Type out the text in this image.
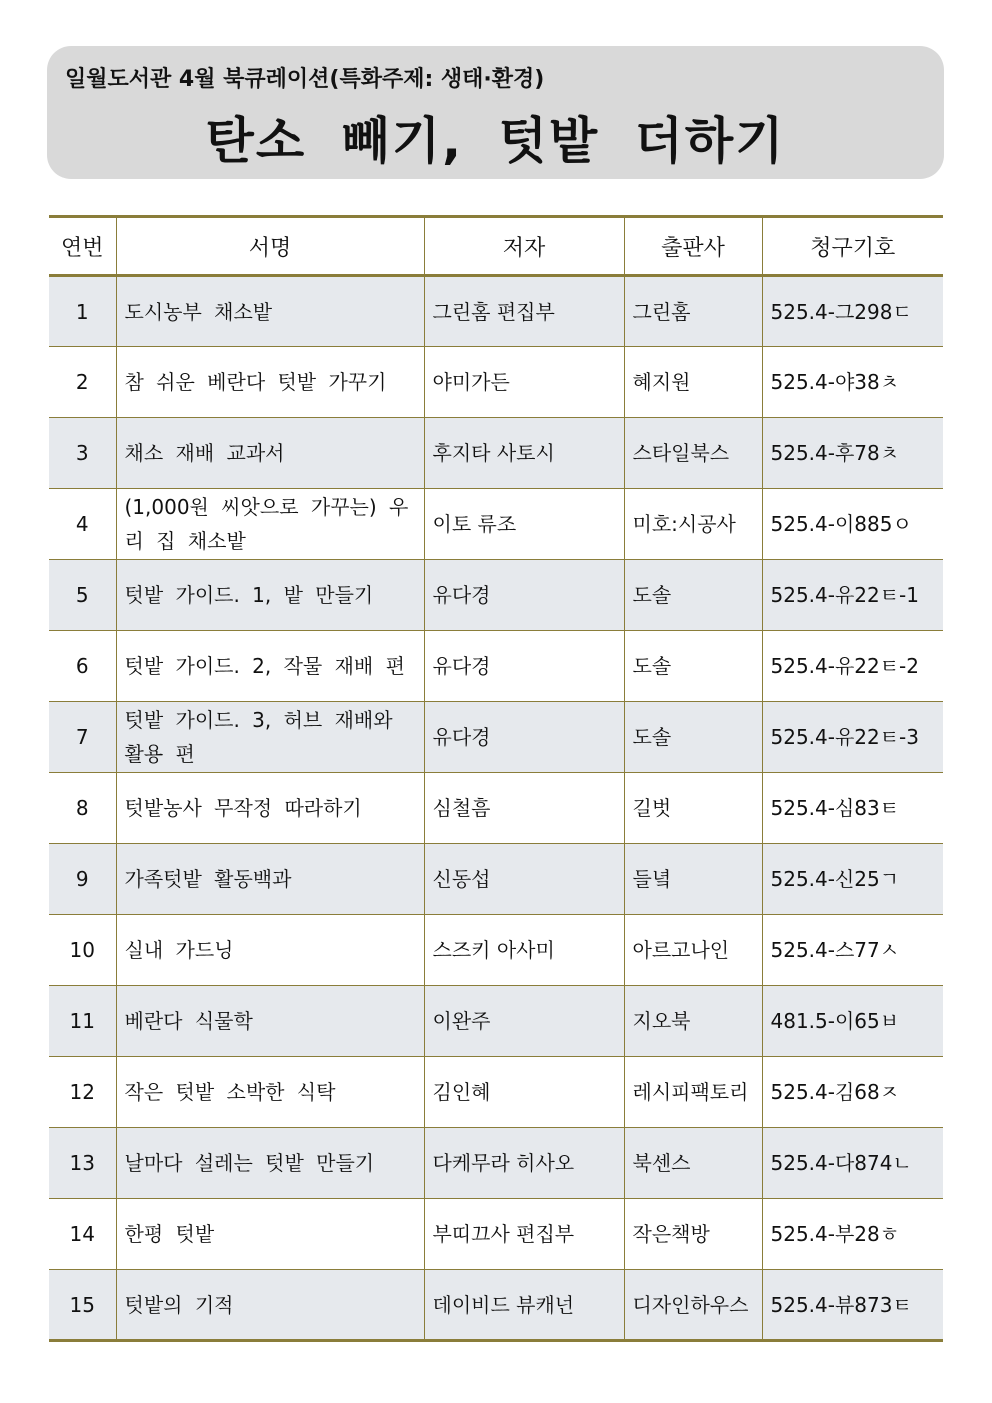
일월도서관 4월 북큐레이션(특화주제: 생태·환경)
탄소 빼기, 텃밭 더하기
연번	서명	저자	출판사	청구기호
1	도시농부 채소밭	그린홈 편집부	그린홈	525.4-그298ㄷ
2	참 쉬운 베란다 텃밭 가꾸기	야미가든	혜지원	525.4-야38ㅊ
3	채소 재배 교과서	후지타 사토시	스타일북스	525.4-후78ㅊ
4	(1,000원 씨앗으로 가꾸는) 우리 집 채소밭	이토 류조	미호:시공사	525.4-이885ㅇ
5	텃밭 가이드. 1, 밭 만들기	유다경	도솔	525.4-유22ㅌ-1
6	텃밭 가이드. 2, 작물 재배 편	유다경	도솔	525.4-유22ㅌ-2
7	텃밭 가이드. 3, 허브 재배와 활용 편	유다경	도솔	525.4-유22ㅌ-3
8	텃밭농사 무작정 따라하기	심철흠	길벗	525.4-심83ㅌ
9	가족텃밭 활동백과	신동섭	들녘	525.4-신25ㄱ
10	실내 가드닝	스즈키 아사미	아르고나인	525.4-스77ㅅ
11	베란다 식물학	이완주	지오북	481.5-이65ㅂ
12	작은 텃밭 소박한 식탁	김인혜	레시피팩토리	525.4-김68ㅈ
13	날마다 설레는 텃밭 만들기	다케무라 히사오	북센스	525.4-다874ㄴ
14	한평 텃밭	부띠끄사 편집부	작은책방	525.4-부28ㅎ
15	텃밭의 기적	데이비드 뷰캐넌	디자인하우스	525.4-뷰873ㅌ
